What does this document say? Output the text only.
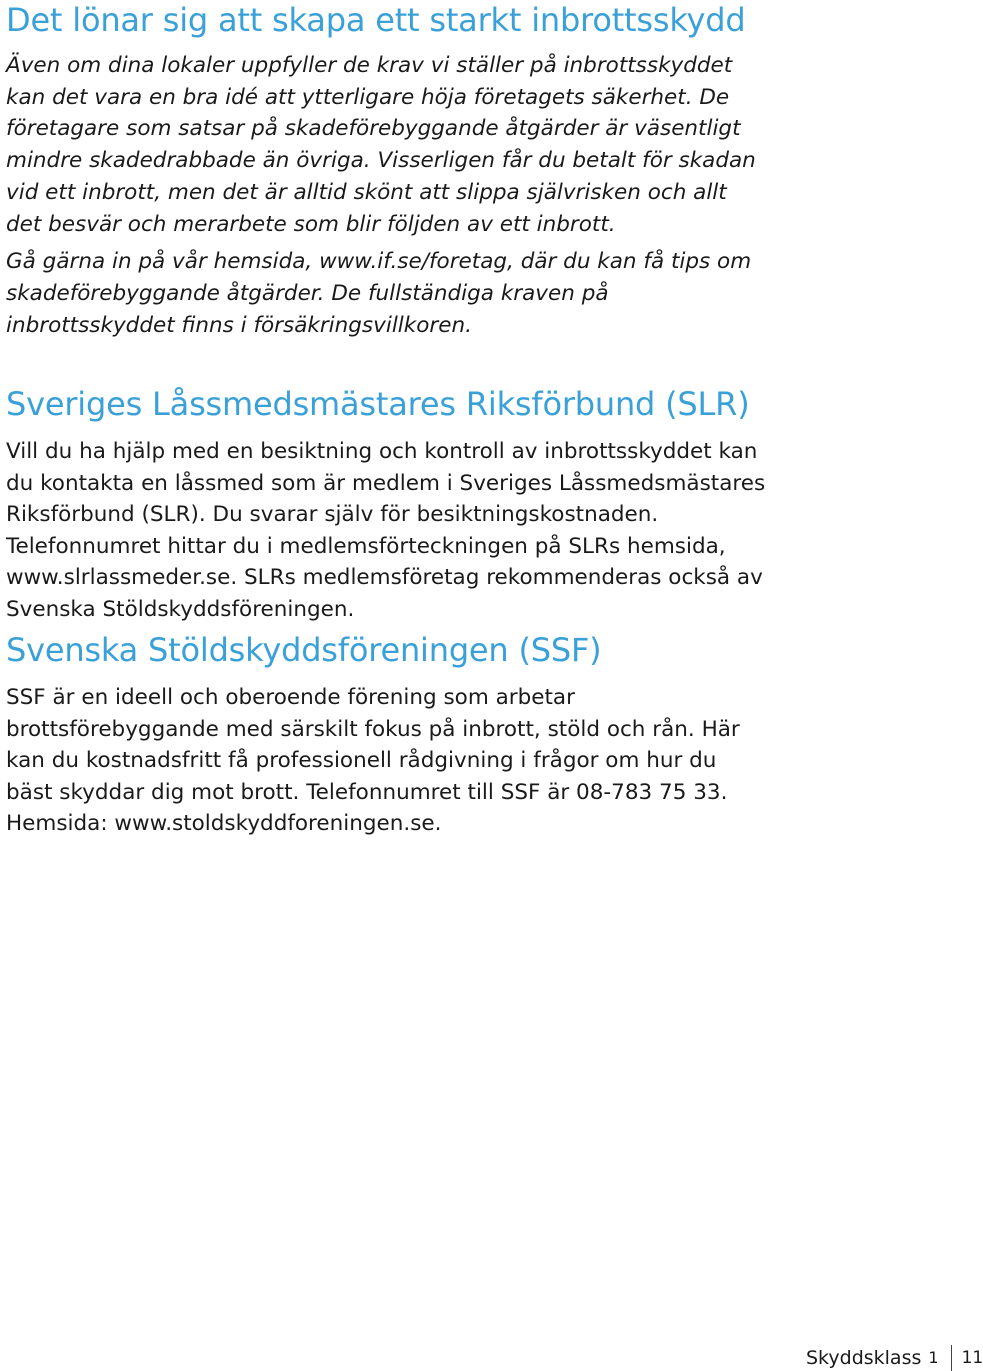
Det lönar sig att skapa ett starkt inbrottsskydd

Även om dina lokaler uppfyller de krav vi ställer på inbrottsskyddet kan det vara en bra idé att ytterligare höja företagets säkerhet. De företagare som satsar på skadeförebyggande åtgärder är väsentligt mindre skadedrabbade än övriga. Visserligen får du betalt för skadan vid ett inbrott, men det är alltid skönt att slippa självrisken och allt det besvär och merarbete som blir följden av ett inbrott.

Gå gärna in på vår hemsida, www.if.se/foretag, där du kan få tips om skadeförebyggande åtgärder. De fullständiga kraven på inbrottsskyddet finns i försäkringsvillkoren.

Sveriges Låssmedsmästares Riksförbund (SLR)

Vill du ha hjälp med en besiktning och kontroll av inbrottsskyddet kan du kontakta en låssmed som är medlem i Sveriges Låssmedsmästares Riksförbund (SLR). Du svarar själv för besiktningskostnaden. Telefonnumret hittar du i medlemsförteckningen på SLRs hemsida, www.slrlassmeder.se. SLRs medlemsföretag rekommenderas också av Svenska Stöldskyddsföreningen.

Svenska Stöldskyddsföreningen (SSF)

SSF är en ideell och oberoende förening som arbetar brottsförebyggande med särskilt fokus på inbrott, stöld och rån. Här kan du kostnadsfritt få professionell rådgivning i frågor om hur du bäst skyddar dig mot brott. Telefonnumret till SSF är 08-783 75 33. Hemsida: www.stoldskyddforeningen.se.

Skyddsklass 1 11
